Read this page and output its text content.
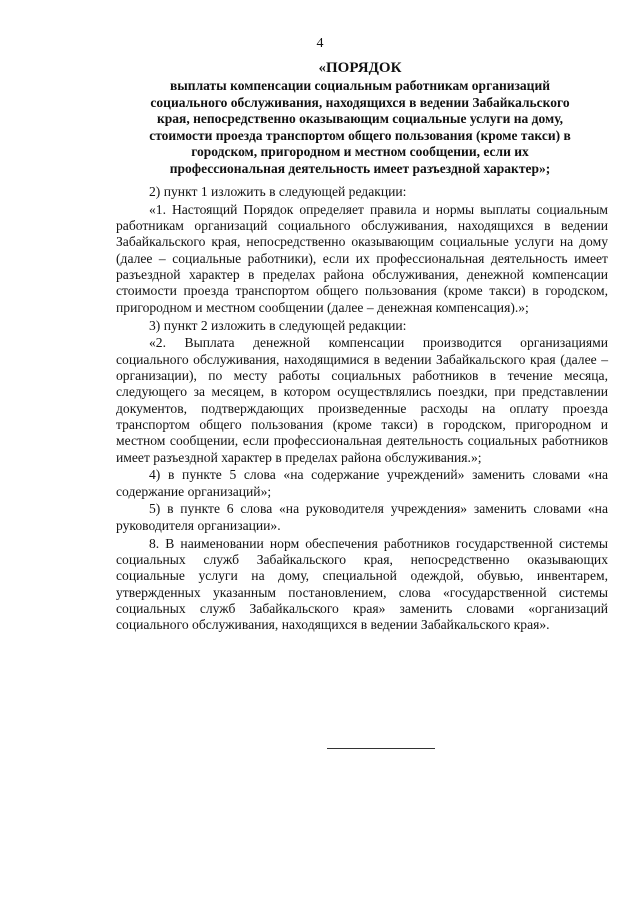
4
«ПОРЯДОК
выплаты компенсации социальным работникам организаций
социального обслуживания, находящихся в ведении Забайкальского
края, непосредственно оказывающим социальные услуги на дому,
стоимости проезда транспортом общего пользования (кроме такси) в
городском, пригородном и местном сообщении, если их
профессиональная деятельность имеет разъездной характер»;

2) пункт 1 изложить в следующей редакции:

«1. Настоящий Порядок определяет правила и нормы выплаты социальным работникам организаций социального обслуживания, находящихся в ведении Забайкальского края, непосредственно оказывающим социальные услуги на дому (далее – социальные работники), если их профессиональная деятельность имеет разъездной характер в пределах района обслуживания, денежной компенсации стоимости проезда транспортом общего пользования (кроме такси) в городском, пригородном и местном сообщении (далее – денежная компенсация).»;

3) пункт 2 изложить в следующей редакции:

«2. Выплата денежной компенсации производится организациями социального обслуживания, находящимися в ведении Забайкальского края (далее – организации), по месту работы социальных работников в течение месяца, следующего за месяцем, в котором осуществлялись поездки, при представлении документов, подтверждающих произведенные расходы на оплату проезда транспортом общего пользования (кроме такси) в городском, пригородном и местном сообщении, если профессиональная деятельность социальных работников имеет разъездной характер в пределах района обслуживания.»;

4) в пункте 5 слова «на содержание учреждений» заменить словами «на содержание организаций»;

5) в пункте 6 слова «на руководителя учреждения» заменить словами «на руководителя организации».

8. В наименовании норм обеспечения работников государственной системы социальных служб Забайкальского края, непосредственно оказывающих социальные услуги на дому, специальной одеждой, обувью, инвентарем, утвержденных указанным постановлением, слова «государственной системы социальных служб Забайкальского края» заменить словами «организаций социального обслуживания, находящихся в ведении Забайкальского края».
